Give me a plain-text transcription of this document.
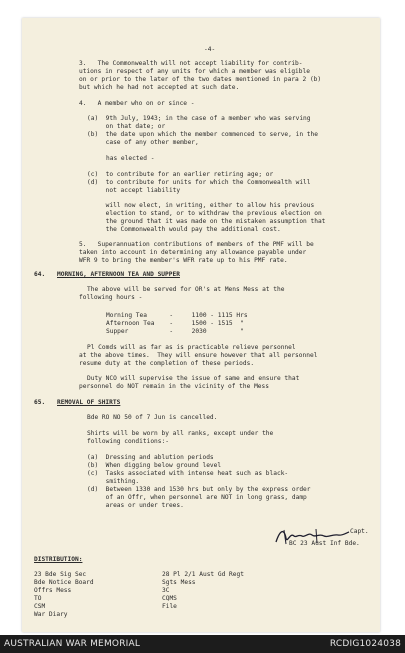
-4-
3.   The Commonwealth will not accept liability for contrib-
utions in respect of any units for which a member was eligible
on or prior to the later of the two dates mentioned in para 2 (b)
but which he had not accepted at such date.
4.   A member who on or since -
(a)  9th July, 1943; in the case of a member who was serving
on that date; or
(b)  the date upon which the member commenced to serve, in the
case of any other member,
has elected -
(c)  to contribute for an earlier retiring age; or
(d)  to contribute for units for which the Commonwealth will
not accept liability
will now elect, in writing, either to allow his previous
election to stand, or to withdraw the previous election on
the ground that it was made on the mistaken assumption that
the Commonwealth would pay the additional cost.
5.   Superannuation contributions of members of the PMF will be
taken into account in determining any allowance payable under
WFR 9 to bring the member's WFR rate up to his PMF rate.
64. MORNING, AFTERNOON TEA AND SUPPER
The above will be served for OR's at Mens Mess at the
following hours -
Morning Tea      -     1100 - 1115 Hrs
Afternoon Tea    -     1500 - 1515  "
Supper           -     2030         "
Pl Comds will as far as is practicable relieve personnel
at the above times.  They will ensure however that all personnel
resume duty at the completion of these periods.
Duty NCO will supervise the issue of same and ensure that
personnel do NOT remain in the vicinity of the Mess
65. REMOVAL OF SHIRTS
Bde RO NO 50 of 7 Jun is cancelled.
Shirts will be worn by all ranks, except under the
following conditions:-
(a)  Dressing and ablution periods
(b)  When digging below ground level
(c)  Tasks associated with intense heat such as black-
smithing.
(d)  Between 1330 and 1530 hrs but only by the express order
of an Offr, when personnel are NOT in long grass, damp
areas or under trees.
Capt.
BC 23 Aust Inf Bde.
DISTRIBUTION:
23 Bde Sig Sec
Bde Notice Board
Offrs Mess
TO
CSM
War Diary
28 Pl 2/1 Aust Gd Regt
Sgts Mess
3C
CQMS
File
AUSTRALIAN WAR MEMORIAL	RCDIG1024038
